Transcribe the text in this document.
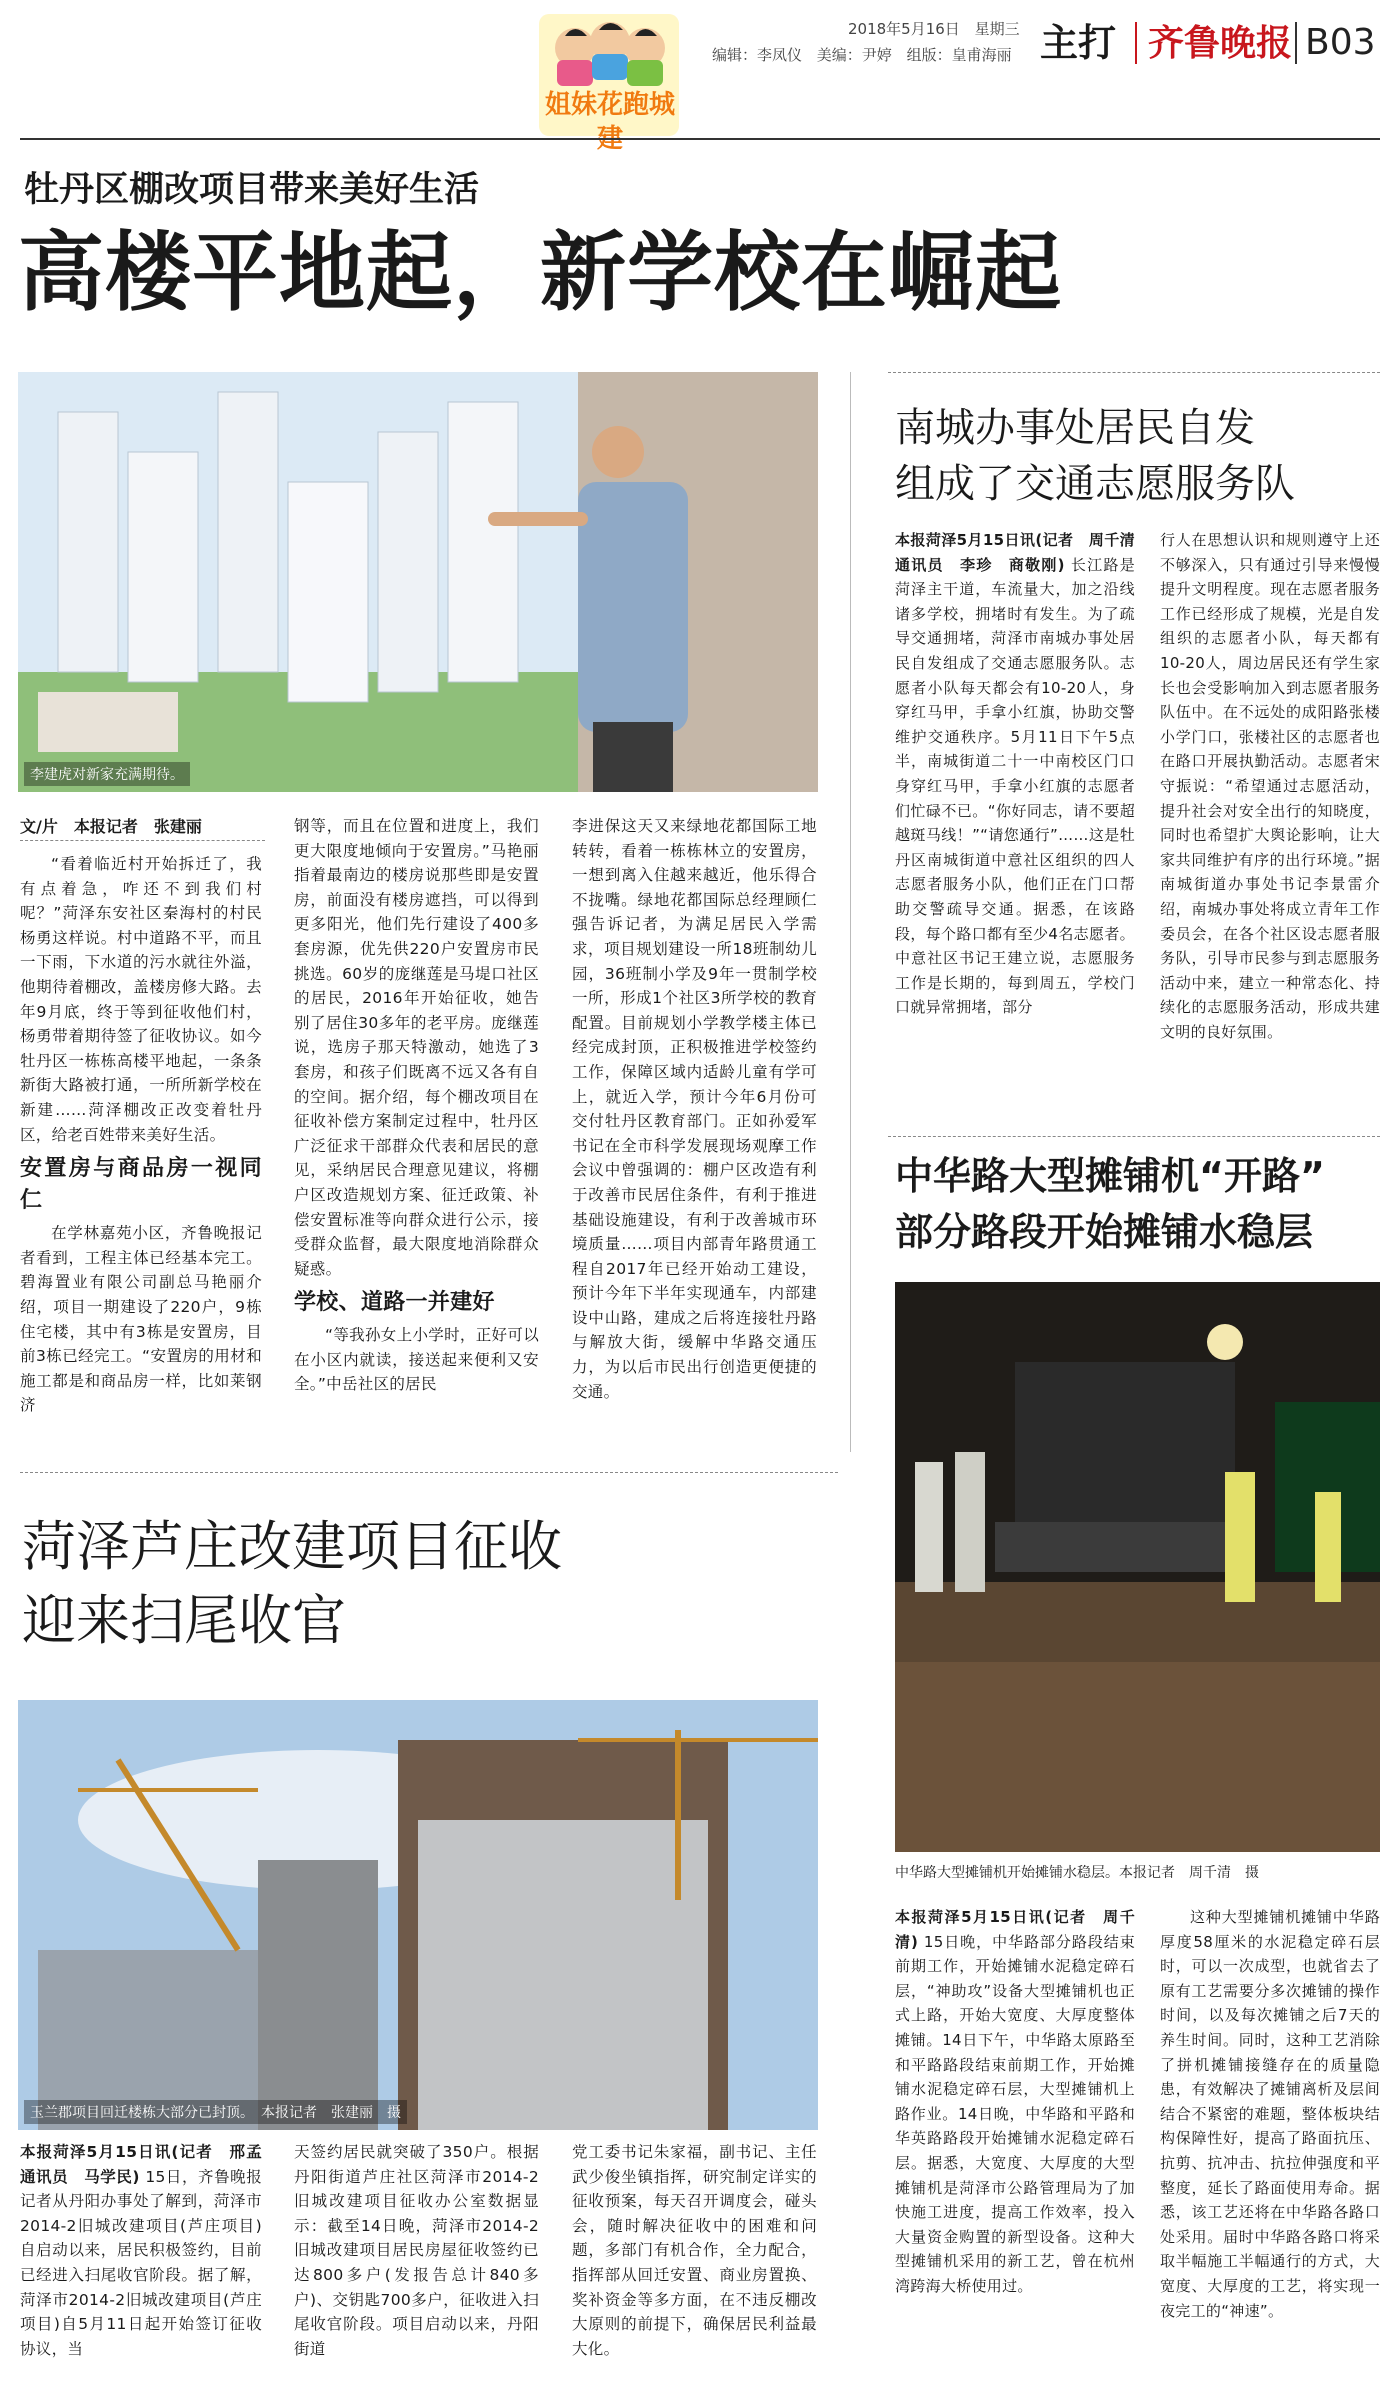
姐妹花跑城建
2018年5月16日 星期三
编辑：李凤仪 美编：尹婷 组版：皇甫海丽 主打 齐鲁晚报 B03
牡丹区棚改项目带来美好生活
高楼平地起，新学校在崛起
李建虎对新家充满期待。
文/片　本报记者　张建丽
“看着临近村开始拆迁了，我有点着急，咋还不到我们村呢？”菏泽东安社区秦海村的村民杨勇这样说。村中道路不平，而且一下雨，下水道的污水就往外溢，他期待着棚改，盖楼房修大路。去年9月底，终于等到征收他们村，杨勇带着期待签了征收协议。如今牡丹区一栋栋高楼平地起，一条条新街大路被打通，一所所新学校在新建……菏泽棚改正改变着牡丹区，给老百姓带来美好生活。
安置房与商品房一视同仁
在学林嘉苑小区，齐鲁晚报记者看到，工程主体已经基本完工。碧海置业有限公司副总马艳丽介绍，项目一期建设了220户，9栋住宅楼，其中有3栋是安置房，目前3栋已经完工。“安置房的用材和施工都是和商品房一样，比如莱钢济
钢等，而且在位置和进度上，我们更大限度地倾向于安置房。”马艳丽指着最南边的楼房说那些即是安置房，前面没有楼房遮挡，可以得到更多阳光，他们先行建设了400多套房源，优先供220户安置房市民挑选。60岁的庞继莲是马堤口社区的居民，2016年开始征收，她告别了居住30多年的老平房。庞继莲说，选房子那天特激动，她选了3套房，和孩子们既离不远又各有自的空间。据介绍，每个棚改项目在征收补偿方案制定过程中，牡丹区广泛征求干部群众代表和居民的意见，采纳居民合理意见建议，将棚户区改造规划方案、征迁政策、补偿安置标准等向群众进行公示，接受群众监督，最大限度地消除群众疑惑。
学校、道路一并建好
“等我孙女上小学时，正好可以在小区内就读，接送起来便利又安全。”中岳社区的居民
李进保这天又来绿地花都国际工地转转，看着一栋栋林立的安置房，一想到离入住越来越近，他乐得合不拢嘴。绿地花都国际总经理顾仁强告诉记者，为满足居民入学需求，项目规划建设一所18班制幼儿园，36班制小学及9年一贯制学校一所，形成1个社区3所学校的教育配置。目前规划小学教学楼主体已经完成封顶，正积极推进学校签约工作，保障区域内适龄儿童有学可上，就近入学，预计今年6月份可交付牡丹区教育部门。正如孙爱军书记在全市科学发展现场观摩工作会议中曾强调的：棚户区改造有利于改善市民居住条件，有利于推进基础设施建设，有利于改善城市环境质量……项目内部青年路贯通工程自2017年已经开始动工建设，预计今年下半年实现通车，内部建设中山路，建成之后将连接牡丹路与解放大街，缓解中华路交通压力，为以后市民出行创造更便捷的交通。
南城办事处居民自发
组成了交通志愿服务队
本报菏泽5月15日讯(记者　周千清　通讯员　李珍　商敬刚) 长江路是菏泽主干道，车流量大，加之沿线诸多学校，拥堵时有发生。为了疏导交通拥堵，菏泽市南城办事处居民自发组成了交通志愿服务队。志愿者小队每天都会有10-20人，身穿红马甲，手拿小红旗，协助交警维护交通秩序。5月11日下午5点半，南城街道二十一中南校区门口身穿红马甲，手拿小红旗的志愿者们忙碌不已。“你好同志，请不要超越斑马线！”“请您通行”……这是牡丹区南城街道中意社区组织的四人志愿者服务小队，他们正在门口帮助交警疏导交通。据悉，在该路段，每个路口都有至少4名志愿者。中意社区书记王建立说，志愿服务工作是长期的，每到周五，学校门口就异常拥堵，部分
行人在思想认识和规则遵守上还不够深入，只有通过引导来慢慢提升文明程度。现在志愿者服务工作已经形成了规模，光是自发组织的志愿者小队，每天都有10-20人，周边居民还有学生家长也会受影响加入到志愿者服务队伍中。在不远处的成阳路张楼小学门口，张楼社区的志愿者也在路口开展执勤活动。志愿者宋守振说：“希望通过志愿活动，提升社会对安全出行的知晓度，同时也希望扩大舆论影响，让大家共同维护有序的出行环境。”据南城街道办事处书记李景雷介绍，南城办事处将成立青年工作委员会，在各个社区设志愿者服务队，引导市民参与到志愿服务活动中来，建立一种常态化、持续化的志愿服务活动，形成共建文明的良好氛围。
中华路大型摊铺机“开路”
部分路段开始摊铺水稳层
中华路大型摊铺机开始摊铺水稳层。本报记者　周千清　摄
本报菏泽5月15日讯(记者　周千清) 15日晚，中华路部分路段结束前期工作，开始摊铺水泥稳定碎石层，“神助攻”设备大型摊铺机也正式上路，开始大宽度、大厚度整体摊铺。14日下午，中华路太原路至和平路路段结束前期工作，开始摊铺水泥稳定碎石层，大型摊铺机上路作业。14日晚，中华路和平路和华英路路段开始摊铺水泥稳定碎石层。据悉，大宽度、大厚度的大型摊铺机是菏泽市公路管理局为了加快施工进度，提高工作效率，投入大量资金购置的新型设备。这种大型摊铺机采用的新工艺，曾在杭州湾跨海大桥使用过。
这种大型摊铺机摊铺中华路厚度58厘米的水泥稳定碎石层时，可以一次成型，也就省去了原有工艺需要分多次摊铺的操作时间，以及每次摊铺之后7天的养生时间。同时，这种工艺消除了拼机摊铺接缝存在的质量隐患，有效解决了摊铺离析及层间结合不紧密的难题，整体板块结构保障性好，提高了路面抗压、抗剪、抗冲击、抗拉伸强度和平整度，延长了路面使用寿命。据悉，该工艺还将在中华路各路口处采用。届时中华路各路口将采取半幅施工半幅通行的方式，大宽度、大厚度的工艺，将实现一夜完工的“神速”。
菏泽芦庄改建项目征收
迎来扫尾收官
玉兰郡项目回迁楼栋大部分已封顶。　本报记者　张建丽　摄
本报菏泽5月15日讯(记者　邢孟　通讯员　马学民) 15日，齐鲁晚报记者从丹阳办事处了解到，菏泽市2014-2旧城改建项目(芦庄项目)自启动以来，居民积极签约，目前已经进入扫尾收官阶段。据了解，菏泽市2014-2旧城改建项目(芦庄项目)自5月11日起开始签订征收协议，当
天签约居民就突破了350户。根据丹阳街道芦庄社区菏泽市2014-2旧城改建项目征收办公室数据显示：截至14日晚，菏泽市2014-2旧城改建项目居民房屋征收签约已达800多户(发报告总计840多户)、交钥匙700多户，征收进入扫尾收官阶段。项目启动以来，丹阳街道
党工委书记朱家福，副书记、主任武少俊坐镇指挥，研究制定详实的征收预案，每天召开调度会，碰头会，随时解决征收中的困难和问题，多部门有机合作，全力配合，指挥部从回迁安置、商业房置换、奖补资金等多方面，在不违反棚改大原则的前提下，确保居民利益最大化。
